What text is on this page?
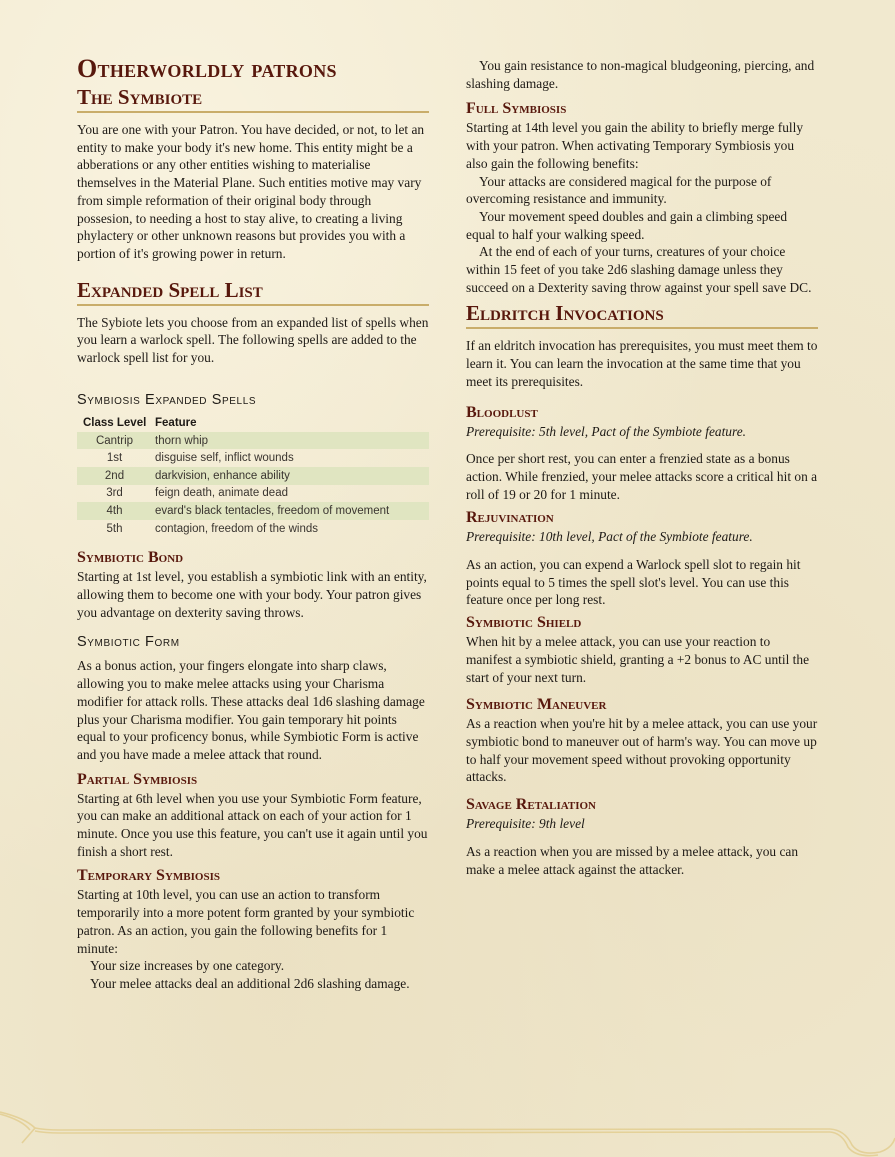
Otherworldly patrons
The Symbiote

You are one with your Patron. You have decided, or not, to let an entity to make your body it's new home. This entity might be a abberations or any other entities wishing to materialise themselves in the Material Plane. Such entities motive may vary from simple reformation of their original body through possesion, to needing a host to stay alive, to creating a living phylactery or other unknown reasons but provides you with a portion of it's growing power in return.

Expanded Spell List

The Sybiote lets you choose from an expanded list of spells when you learn a warlock spell. The following spells are added to the warlock spell list for you.

Symbiosis Expanded Spells
Class Level	Feature
Cantrip	thorn whip
1st	disguise self, inflict wounds
2nd	darkvision, enhance ability
3rd	feign death, animate dead
4th	evard's black tentacles, freedom of movement
5th	contagion, freedom of the winds
Symbiotic Bond

Starting at 1st level, you establish a symbiotic link with an entity, allowing them to become one with your body. Your patron gives you advantage on dexterity saving throws.

Symbiotic Form

As a bonus action, your fingers elongate into sharp claws, allowing you to make melee attacks using your Charisma modifier for attack rolls. These attacks deal 1d6 slashing damage plus your Charisma modifier. You gain temporary hit points equal to your proficency bonus, while Symbiotic Form is active and you have made a melee attack that round.

Partial Symbiosis

Starting at 6th level when you use your Symbiotic Form feature, you can make an additional attack on each of your action for 1 minute. Once you use this feature, you can't use it again until you finish a short rest.

Temporary Symbiosis

Starting at 10th level, you can use an action to transform temporarily into a more potent form granted by your symbiotic patron. As an action, you gain the following benefits for 1 minute:

Your size increases by one category.

Your melee attacks deal an additional 2d6 slashing damage.

You gain resistance to non-magical bludgeoning, piercing, and slashing damage.

Full Symbiosis

Starting at 14th level you gain the ability to briefly merge fully with your patron. When activating Temporary Symbiosis you also gain the following benefits:

Your attacks are considered magical for the purpose of overcoming resistance and immunity.

Your movement speed doubles and gain a climbing speed equal to half your walking speed.

At the end of each of your turns, creatures of your choice within 15 feet of you take 2d6 slashing damage unless they succeed on a Dexterity saving throw against your spell save DC.

Eldritch Invocations

If an eldritch invocation has prerequisites, you must meet them to learn it. You can learn the invocation at the same time that you meet its prerequisites.

Bloodlust

Prerequisite: 5th level, Pact of the Symbiote feature.

Once per short rest, you can enter a frenzied state as a bonus action. While frenzied, your melee attacks score a critical hit on a roll of 19 or 20 for 1 minute.

Rejuvination

Prerequisite: 10th level, Pact of the Symbiote feature.

As an action, you can expend a Warlock spell slot to regain hit points equal to 5 times the spell slot's level. You can use this feature once per long rest.

Symbiotic Shield

When hit by a melee attack, you can use your reaction to manifest a symbiotic shield, granting a +2 bonus to AC until the start of your next turn.

Symbiotic Maneuver

As a reaction when you're hit by a melee attack, you can use your symbiotic bond to maneuver out of harm's way. You can move up to half your movement speed without provoking opportunity attacks.

Savage Retaliation

Prerequisite: 9th level

As a reaction when you are missed by a melee attack, you can make a melee attack against the attacker.
